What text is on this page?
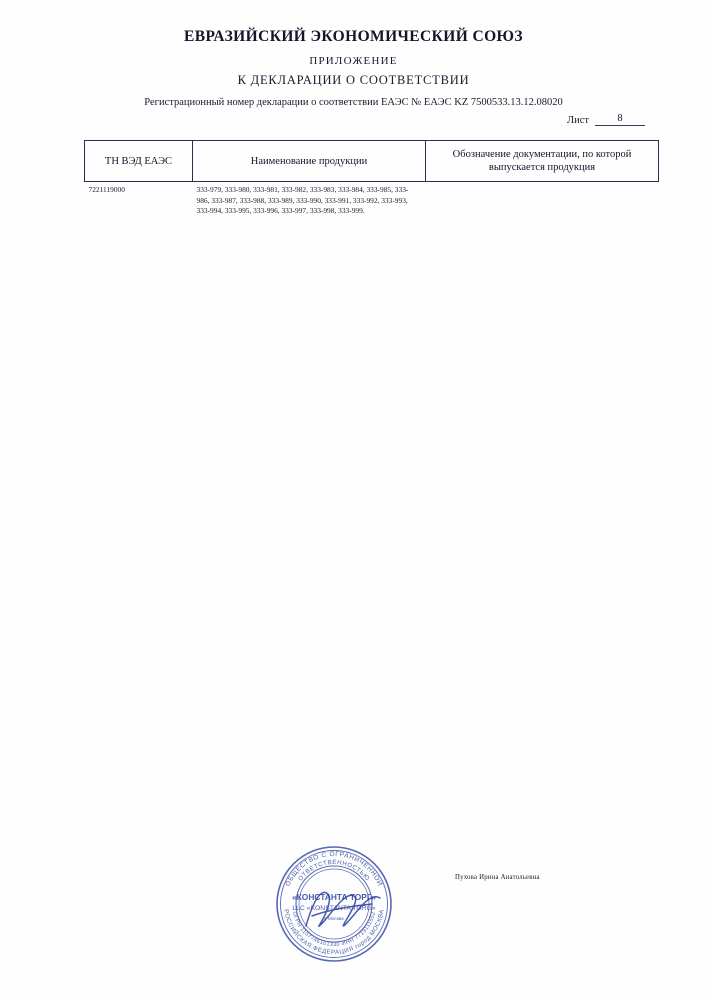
ЕВРАЗИЙСКИЙ ЭКОНОМИЧЕСКИЙ СОЮЗ
ПРИЛОЖЕНИЕ
К ДЕКЛАРАЦИИ О СООТВЕТСТВИИ
Регистрационный номер декларации о соответствии ЕАЭС № ЕАЭС KZ 7500533.13.12.08020
Лист	8
ТН ВЭД ЕАЭС	Наименование продукции	Обозначение документации, по которой выпускается продукция
7221119000	333-979, 333-980, 333-981, 333-982, 333-983, 333-984, 333-985, 333-986, 333-987, 333-988, 333-989, 333-990, 333-991, 333-992, 333-993, 333-994, 333-995, 333-996, 333-997, 333-998, 333-999.	
Пухова Ирина Анатольевна
ОБЩЕСТВО С ОГРАНИЧЕННОЙ
ОТВЕТСТВЕННОСТЬЮ
РОССИЙСКАЯ ФЕДЕРАЦИЯ город МОСКВА
ОГРН 1157746161330 ИНН 7719111552
«КОНСТАНТА ТОРГ»
LLC «KONSTANTA TORG»
г. Москва
